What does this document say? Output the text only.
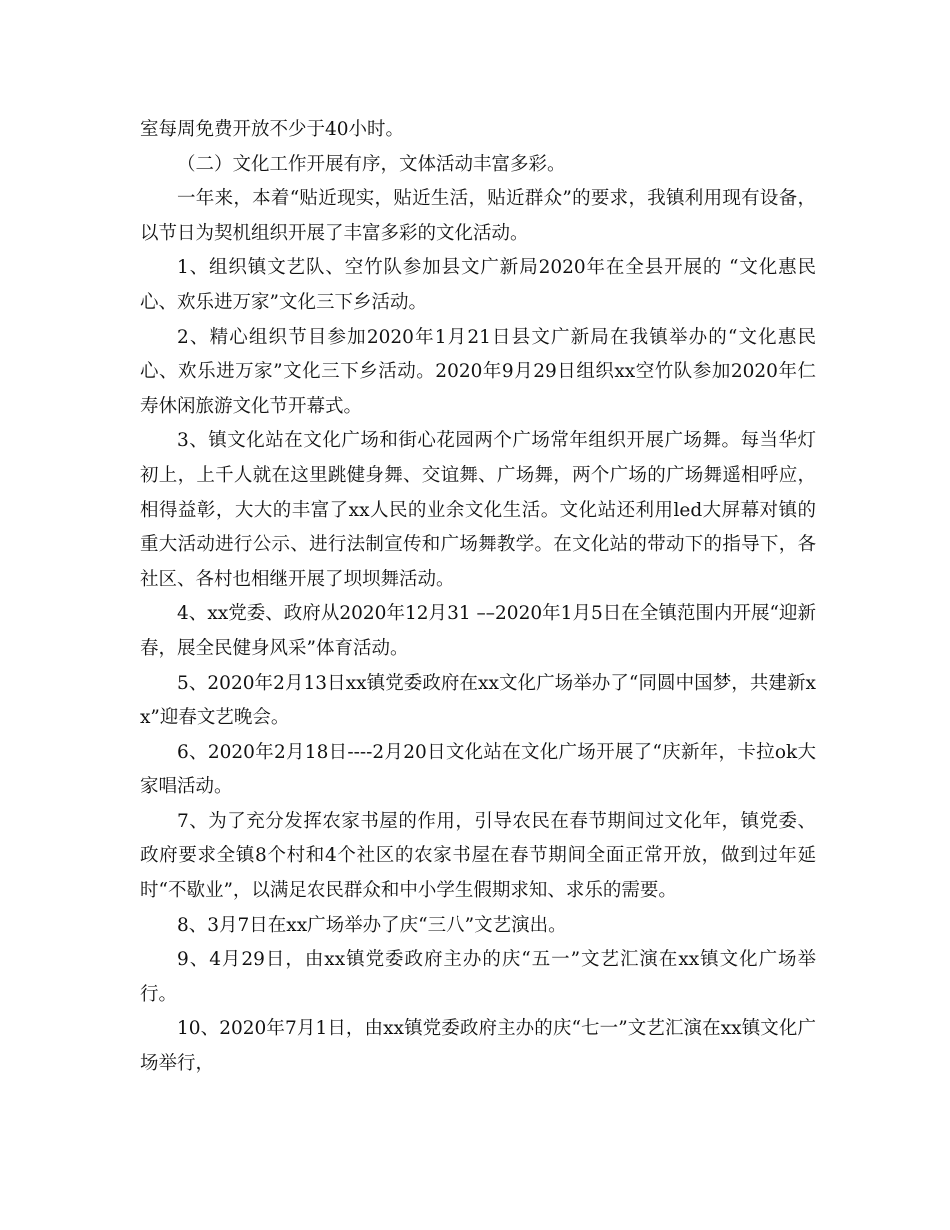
室每周免费开放不少于40小时。

（二）文化工作开展有序，文体活动丰富多彩。

一年来，本着“贴近现实，贴近生活，贴近群众”的要求，我镇利用现有设备，以节日为契机组织开展了丰富多彩的文化活动。

1、组织镇文艺队、空竹队参加县文广新局2020年在全县开展的 “文化惠民心、欢乐进万家”文化三下乡活动。

2、精心组织节目参加2020年1月21日县文广新局在我镇举办的“文化惠民心、欢乐进万家”文化三下乡活动。2020年9月29日组织xx空竹队参加2020年仁寿休闲旅游文化节开幕式。

3、镇文化站在文化广场和街心花园两个广场常年组织开展广场舞。每当华灯初上，上千人就在这里跳健身舞、交谊舞、广场舞，两个广场的广场舞遥相呼应，相得益彰，大大的丰富了xx人民的业余文化生活。文化站还利用led大屏幕对镇的重大活动进行公示、进行法制宣传和广场舞教学。在文化站的带动下的指导下，各社区、各村也相继开展了坝坝舞活动。

4、xx党委、政府从2020年12月31 ––2020年1月5日在全镇范围内开展“迎新春，展全民健身风采”体育活动。

5、2020年2月13日xx镇党委政府在xx文化广场举办了“同圆中国梦，共建新xx”迎春文艺晚会。

6、2020年2月18日----2月20日文化站在文化广场开展了“庆新年，卡拉ok大家唱活动。

7、为了充分发挥农家书屋的作用，引导农民在春节期间过文化年，镇党委、政府要求全镇8个村和4个社区的农家书屋在春节期间全面正常开放，做到过年延时“不歇业”，以满足农民群众和中小学生假期求知、求乐的需要。

8、3月7日在xx广场举办了庆“三八”文艺演出。

9、4月29日，由xx镇党委政府主办的庆“五一”文艺汇演在xx镇文化广场举行。

10、2020年7月1日，由xx镇党委政府主办的庆“七一”文艺汇演在xx镇文化广场举行，
